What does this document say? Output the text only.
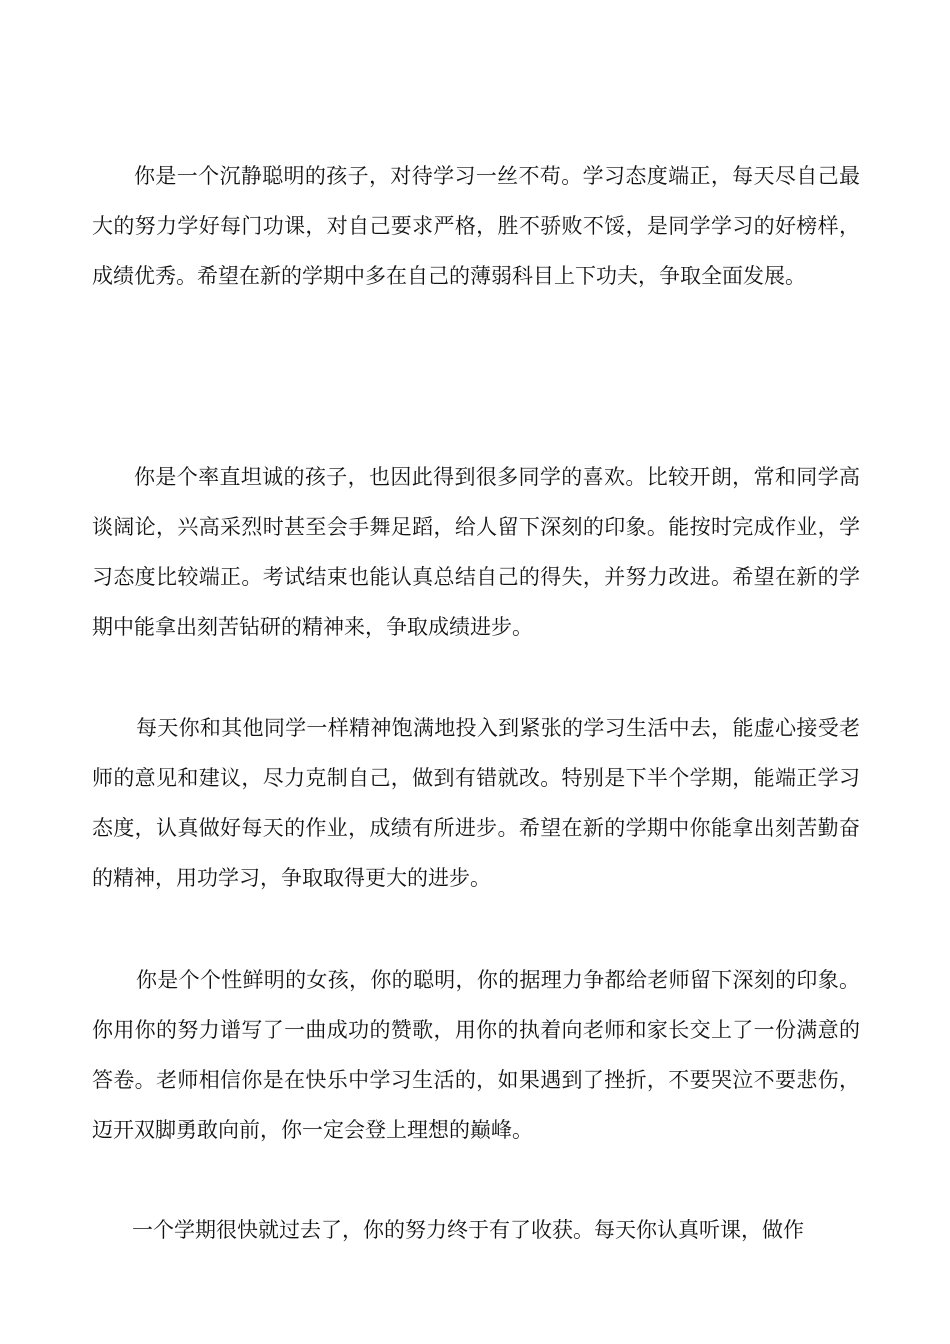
你是一个沉静聪明的孩子，对待学习一丝不苟。学习态度端正，每天尽自己最大的努力学好每门功课，对自己要求严格，胜不骄败不馁，是同学学习的好榜样，成绩优秀。希望在新的学期中多在自己的薄弱科目上下功夫，争取全面发展。

你是个率直坦诚的孩子，也因此得到很多同学的喜欢。比较开朗，常和同学高谈阔论，兴高采烈时甚至会手舞足蹈，给人留下深刻的印象。能按时完成作业，学习态度比较端正。考试结束也能认真总结自己的得失，并努力改进。希望在新的学期中能拿出刻苦钻研的精神来，争取成绩进步。

每天你和其他同学一样精神饱满地投入到紧张的学习生活中去，能虚心接受老师的意见和建议，尽力克制自己，做到有错就改。特别是下半个学期，能端正学习态度，认真做好每天的作业，成绩有所进步。希望在新的学期中你能拿出刻苦勤奋的精神，用功学习，争取取得更大的进步。

你是个个性鲜明的女孩，你的聪明，你的据理力争都给老师留下深刻的印象。你用你的努力谱写了一曲成功的赞歌，用你的执着向老师和家长交上了一份满意的答卷。老师相信你是在快乐中学习生活的，如果遇到了挫折，不要哭泣不要悲伤，迈开双脚勇敢向前，你一定会登上理想的巅峰。

一个学期很快就过去了，你的努力终于有了收获。每天你认真听课，做作
